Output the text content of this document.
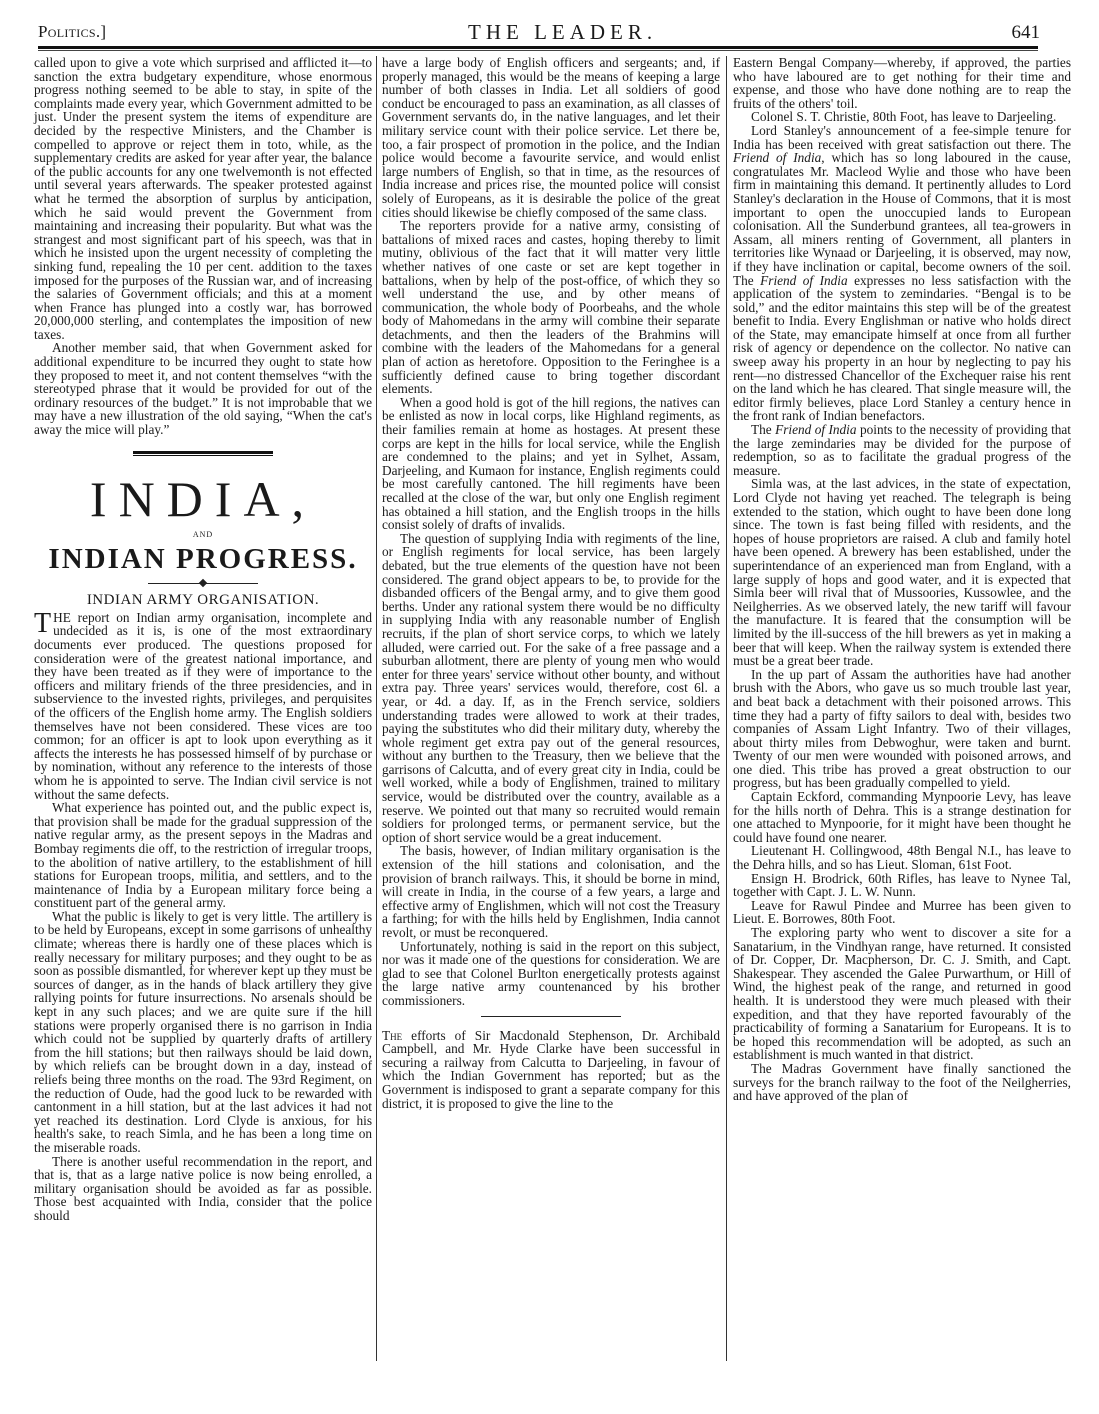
Politics.]	THE LEADER.	641

called upon to give a vote which surprised and afflicted it—to sanction the extra budgetary expenditure, whose enormous progress nothing seemed to be able to stay, in spite of the complaints made every year, which Government admitted to be just. Under the present system the items of expenditure are decided by the respective Ministers, and the Chamber is compelled to approve or reject them in toto, while, as the supplementary credits are asked for year after year, the balance of the public accounts for any one twelvemonth is not effected until several years afterwards. The speaker protested against what he termed the absorption of surplus by anticipation, which he said would prevent the Government from maintaining and increasing their popularity. But what was the strangest and most significant part of his speech, was that in which he insisted upon the urgent necessity of completing the sinking fund, repealing the 10 per cent. addition to the taxes imposed for the purposes of the Russian war, and of increasing the salaries of Government officials; and this at a moment when France has plunged into a costly war, has borrowed 20,000,000 sterling, and contemplates the imposition of new taxes.

Another member said, that when Government asked for additional expenditure to be incurred they ought to state how they proposed to meet it, and not content themselves “with the stereotyped phrase that it would be provided for out of the ordinary resources of the budget.” It is not improbable that we may have a new illustration of the old saying, “When the cat's away the mice will play.”

INDIA,
AND
INDIAN PROGRESS.
INDIAN ARMY ORGANISATION.

THE report on Indian army organisation, incomplete and undecided as it is, is one of the most extraordinary documents ever produced. The questions proposed for consideration were of the greatest national importance, and they have been treated as if they were of importance to the officers and military friends of the three presidencies, and in subservience to the invested rights, privileges, and perquisites of the officers of the English home army. The English soldiers themselves have not been considered. These vices are too common; for an officer is apt to look upon everything as it affects the interests he has possessed himself of by purchase or by nomination, without any reference to the interests of those whom he is appointed to serve. The Indian civil service is not without the same defects.

What experience has pointed out, and the public expect is, that provision shall be made for the gradual suppression of the native regular army, as the present sepoys in the Madras and Bombay regiments die off, to the restriction of irregular troops, to the abolition of native artillery, to the establishment of hill stations for European troops, militia, and settlers, and to the maintenance of India by a European military force being a constituent part of the general army.

What the public is likely to get is very little. The artillery is to be held by Europeans, except in some garrisons of unhealthy climate; whereas there is hardly one of these places which is really necessary for military purposes; and they ought to be as soon as possible dismantled, for wherever kept up they must be sources of danger, as in the hands of black artillery they give rallying points for future insurrections. No arsenals should be kept in any such places; and we are quite sure if the hill stations were properly organised there is no garrison in India which could not be supplied by quarterly drafts of artillery from the hill stations; but then railways should be laid down, by which reliefs can be brought down in a day, instead of reliefs being three months on the road. The 93rd Regiment, on the reduction of Oude, had the good luck to be rewarded with cantonment in a hill station, but at the last advices it had not yet reached its destination. Lord Clyde is anxious, for his health's sake, to reach Simla, and he has been a long time on the miserable roads.

There is another useful recommendation in the report, and that is, that as a large native police is now being enrolled, a military organisation should be avoided as far as possible. Those best acquainted with India, consider that the police should

have a large body of English officers and sergeants; and, if properly managed, this would be the means of keeping a large number of both classes in India. Let all soldiers of good conduct be encouraged to pass an examination, as all classes of Government servants do, in the native languages, and let their military service count with their police service. Let there be, too, a fair prospect of promotion in the police, and the Indian police would become a favourite service, and would enlist large numbers of English, so that in time, as the resources of India increase and prices rise, the mounted police will consist solely of Europeans, as it is desirable the police of the great cities should likewise be chiefly composed of the same class.

The reporters provide for a native army, consisting of battalions of mixed races and castes, hoping thereby to limit mutiny, oblivious of the fact that it will matter very little whether natives of one caste or set are kept together in battalions, when by help of the post-office, of which they so well understand the use, and by other means of communication, the whole body of Poorbeahs, and the whole body of Mahomedans in the army will combine their separate detachments, and then the leaders of the Brahmins will combine with the leaders of the Mahomedans for a general plan of action as heretofore. Opposition to the Feringhee is a sufficiently defined cause to bring together discordant elements.

When a good hold is got of the hill regions, the natives can be enlisted as now in local corps, like Highland regiments, as their families remain at home as hostages. At present these corps are kept in the hills for local service, while the English are condemned to the plains; and yet in Sylhet, Assam, Darjeeling, and Kumaon for instance, English regiments could be most carefully cantoned. The hill regiments have been recalled at the close of the war, but only one English regiment has obtained a hill station, and the English troops in the hills consist solely of drafts of invalids.

The question of supplying India with regiments of the line, or English regiments for local service, has been largely debated, but the true elements of the question have not been considered. The grand object appears to be, to provide for the disbanded officers of the Bengal army, and to give them good berths. Under any rational system there would be no difficulty in supplying India with any reasonable number of English recruits, if the plan of short service corps, to which we lately alluded, were carried out. For the sake of a free passage and a suburban allotment, there are plenty of young men who would enter for three years' service without other bounty, and without extra pay. Three years' services would, therefore, cost 6l. a year, or 4d. a day. If, as in the French service, soldiers understanding trades were allowed to work at their trades, paying the substitutes who did their military duty, whereby the whole regiment get extra pay out of the general resources, without any burthen to the Treasury, then we believe that the garrisons of Calcutta, and of every great city in India, could be well worked, while a body of Englishmen, trained to military service, would be distributed over the country, available as a reserve. We pointed out that many so recruited would remain soldiers for prolonged terms, or permanent service, but the option of short service would be a great inducement.

The basis, however, of Indian military organisation is the extension of the hill stations and colonisation, and the provision of branch railways. This, it should be borne in mind, will create in India, in the course of a few years, a large and effective army of Englishmen, which will not cost the Treasury a farthing; for with the hills held by Englishmen, India cannot revolt, or must be reconquered.

Unfortunately, nothing is said in the report on this subject, nor was it made one of the questions for consideration. We are glad to see that Colonel Burlton energetically protests against the large native army countenanced by his brother commissioners.

The efforts of Sir Macdonald Stephenson, Dr. Archibald Campbell, and Mr. Hyde Clarke have been successful in securing a railway from Calcutta to Darjeeling, in favour of which the Indian Government has reported; but as the Government is indisposed to grant a separate company for this district, it is proposed to give the line to the

Eastern Bengal Company—whereby, if approved, the parties who have laboured are to get nothing for their time and expense, and those who have done nothing are to reap the fruits of the others' toil.

Colonel S. T. Christie, 80th Foot, has leave to Darjeeling.

Lord Stanley's announcement of a fee-simple tenure for India has been received with great satisfaction out there. The Friend of India, which has so long laboured in the cause, congratulates Mr. Macleod Wylie and those who have been firm in maintaining this demand. It pertinently alludes to Lord Stanley's declaration in the House of Commons, that it is most important to open the unoccupied lands to European colonisation. All the Sunderbund grantees, all tea-growers in Assam, all miners renting of Government, all planters in territories like Wynaad or Darjeeling, it is observed, may now, if they have inclination or capital, become owners of the soil. The Friend of India expresses no less satisfaction with the application of the system to zemindaries. “Bengal is to be sold,” and the editor maintains this step will be of the greatest benefit to India. Every Englishman or native who holds direct of the State, may emancipate himself at once from all further risk of agency or dependence on the collector. No native can sweep away his property in an hour by neglecting to pay his rent—no distressed Chancellor of the Exchequer raise his rent on the land which he has cleared. That single measure will, the editor firmly believes, place Lord Stanley a century hence in the front rank of Indian benefactors.

The Friend of India points to the necessity of providing that the large zemindaries may be divided for the purpose of redemption, so as to facilitate the gradual progress of the measure.

Simla was, at the last advices, in the state of expectation, Lord Clyde not having yet reached. The telegraph is being extended to the station, which ought to have been done long since. The town is fast being filled with residents, and the hopes of house proprietors are raised. A club and family hotel have been opened. A brewery has been established, under the superintendance of an experienced man from England, with a large supply of hops and good water, and it is expected that Simla beer will rival that of Mussoories, Kussowlee, and the Neilgherries. As we observed lately, the new tariff will favour the manufacture. It is feared that the consumption will be limited by the ill-success of the hill brewers as yet in making a beer that will keep. When the railway system is extended there must be a great beer trade.

In the up part of Assam the authorities have had another brush with the Abors, who gave us so much trouble last year, and beat back a detachment with their poisoned arrows. This time they had a party of fifty sailors to deal with, besides two companies of Assam Light Infantry. Two of their villages, about thirty miles from Debwoghur, were taken and burnt. Twenty of our men were wounded with poisoned arrows, and one died. This tribe has proved a great obstruction to our progress, but has been gradually compelled to yield.

Captain Eckford, commanding Mynpoorie Levy, has leave for the hills north of Dehra. This is a strange destination for one attached to Mynpoorie, for it might have been thought he could have found one nearer.

Lieutenant H. Collingwood, 48th Bengal N.I., has leave to the Dehra hills, and so has Lieut. Sloman, 61st Foot.

Ensign H. Brodrick, 60th Rifles, has leave to Nynee Tal, together with Capt. J. L. W. Nunn.

Leave for Rawul Pindee and Murree has been given to Lieut. E. Borrowes, 80th Foot.

The exploring party who went to discover a site for a Sanatarium, in the Vindhyan range, have returned. It consisted of Dr. Copper, Dr. Macpherson, Dr. C. J. Smith, and Capt. Shakespear. They ascended the Galee Purwarthum, or Hill of Wind, the highest peak of the range, and returned in good health. It is understood they were much pleased with their expedition, and that they have reported favourably of the practicability of forming a Sanatarium for Europeans. It is to be hoped this recommendation will be adopted, as such an establishment is much wanted in that district.

The Madras Government have finally sanctioned the surveys for the branch railway to the foot of the Neilgherries, and have approved of the plan of
